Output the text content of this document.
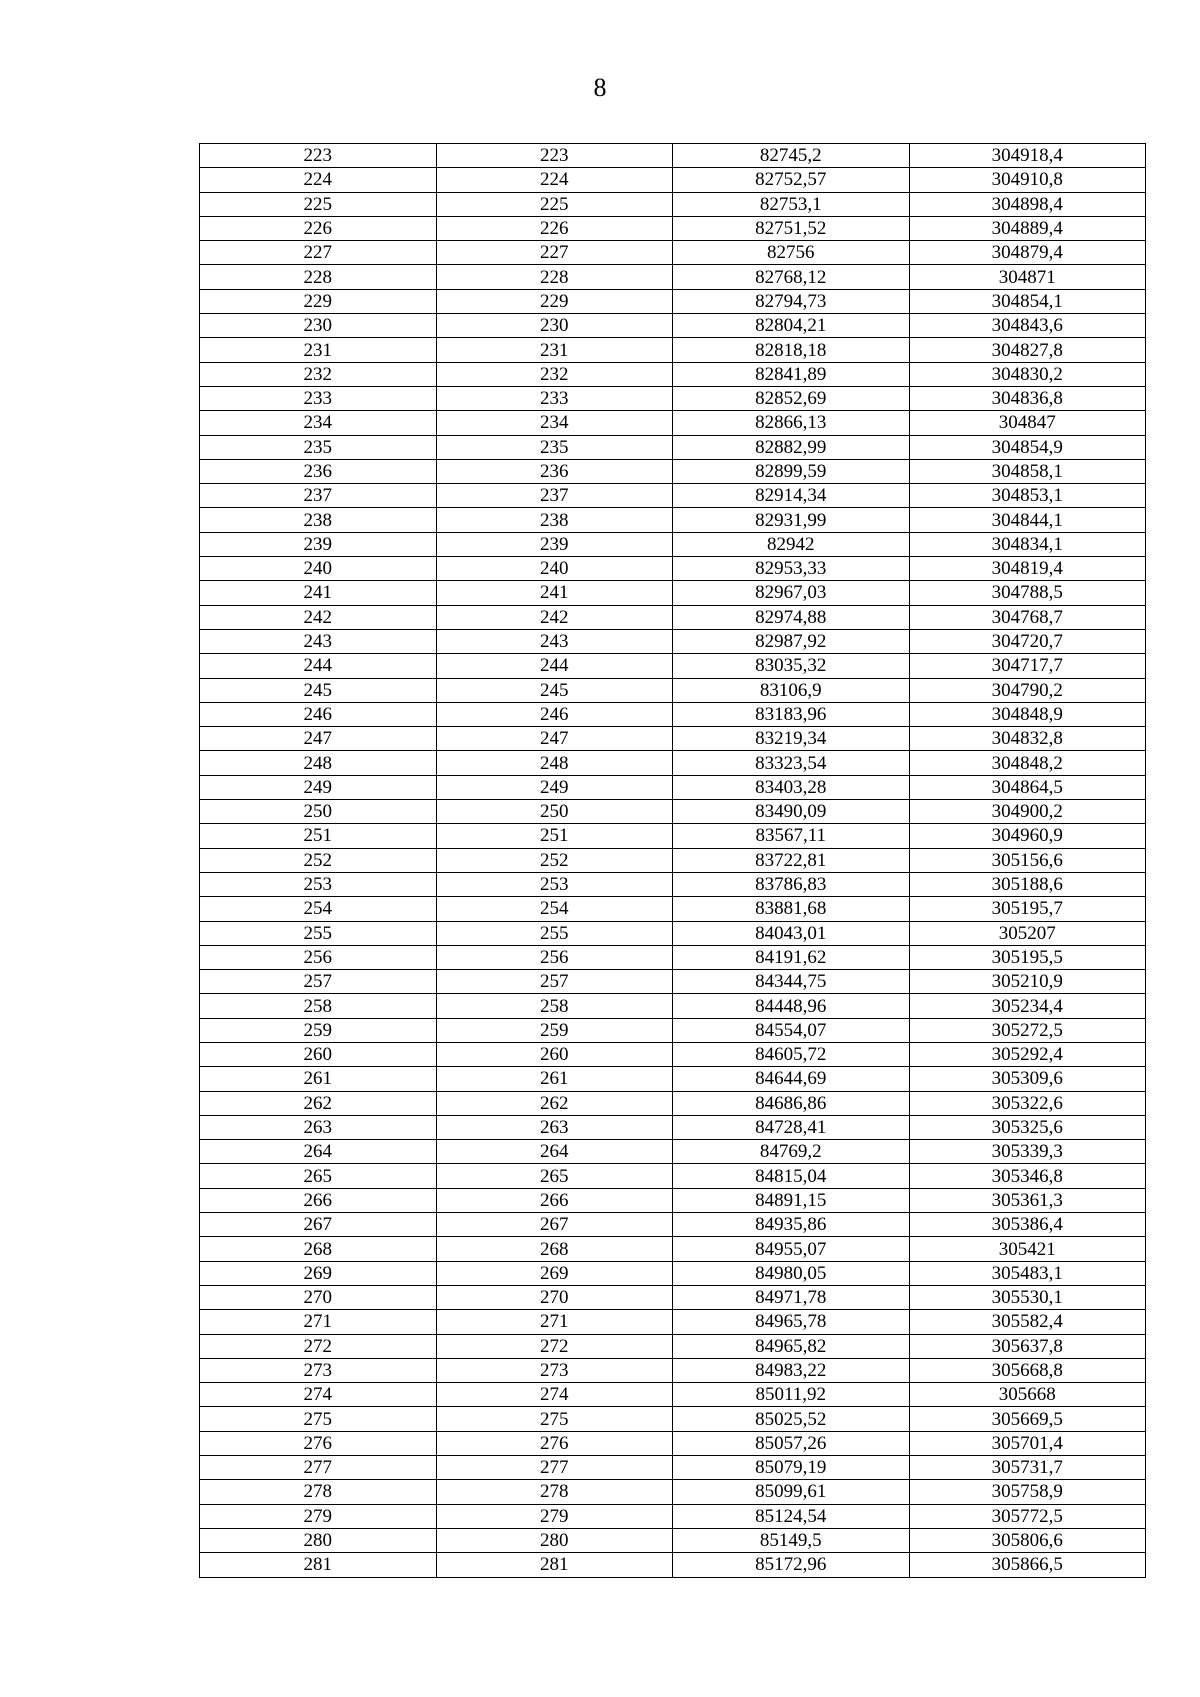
8
223	223	82745,2	304918,4
224	224	82752,57	304910,8
225	225	82753,1	304898,4
226	226	82751,52	304889,4
227	227	82756	304879,4
228	228	82768,12	304871
229	229	82794,73	304854,1
230	230	82804,21	304843,6
231	231	82818,18	304827,8
232	232	82841,89	304830,2
233	233	82852,69	304836,8
234	234	82866,13	304847
235	235	82882,99	304854,9
236	236	82899,59	304858,1
237	237	82914,34	304853,1
238	238	82931,99	304844,1
239	239	82942	304834,1
240	240	82953,33	304819,4
241	241	82967,03	304788,5
242	242	82974,88	304768,7
243	243	82987,92	304720,7
244	244	83035,32	304717,7
245	245	83106,9	304790,2
246	246	83183,96	304848,9
247	247	83219,34	304832,8
248	248	83323,54	304848,2
249	249	83403,28	304864,5
250	250	83490,09	304900,2
251	251	83567,11	304960,9
252	252	83722,81	305156,6
253	253	83786,83	305188,6
254	254	83881,68	305195,7
255	255	84043,01	305207
256	256	84191,62	305195,5
257	257	84344,75	305210,9
258	258	84448,96	305234,4
259	259	84554,07	305272,5
260	260	84605,72	305292,4
261	261	84644,69	305309,6
262	262	84686,86	305322,6
263	263	84728,41	305325,6
264	264	84769,2	305339,3
265	265	84815,04	305346,8
266	266	84891,15	305361,3
267	267	84935,86	305386,4
268	268	84955,07	305421
269	269	84980,05	305483,1
270	270	84971,78	305530,1
271	271	84965,78	305582,4
272	272	84965,82	305637,8
273	273	84983,22	305668,8
274	274	85011,92	305668
275	275	85025,52	305669,5
276	276	85057,26	305701,4
277	277	85079,19	305731,7
278	278	85099,61	305758,9
279	279	85124,54	305772,5
280	280	85149,5	305806,6
281	281	85172,96	305866,5
